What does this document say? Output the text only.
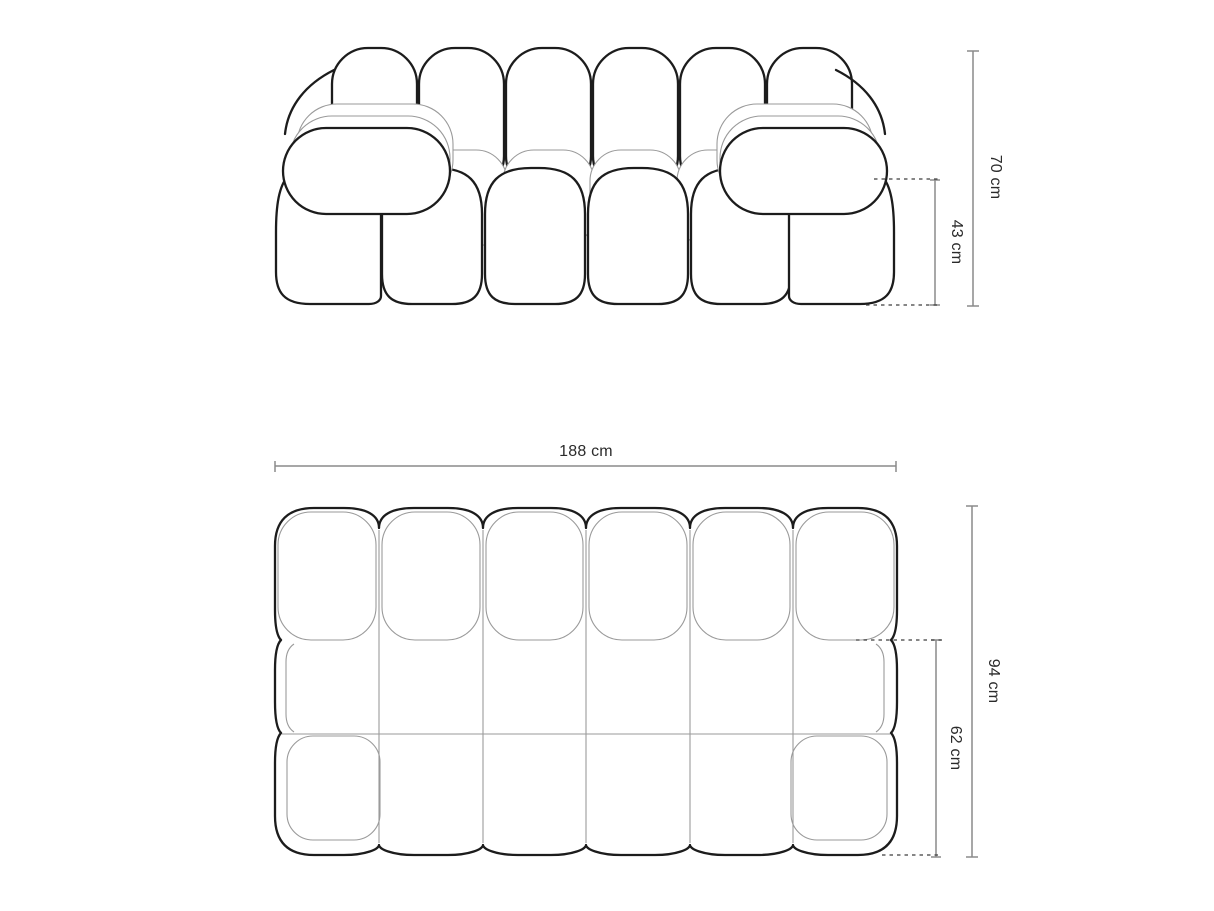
188 cm
70 cm
43 cm
94 cm
62 cm
